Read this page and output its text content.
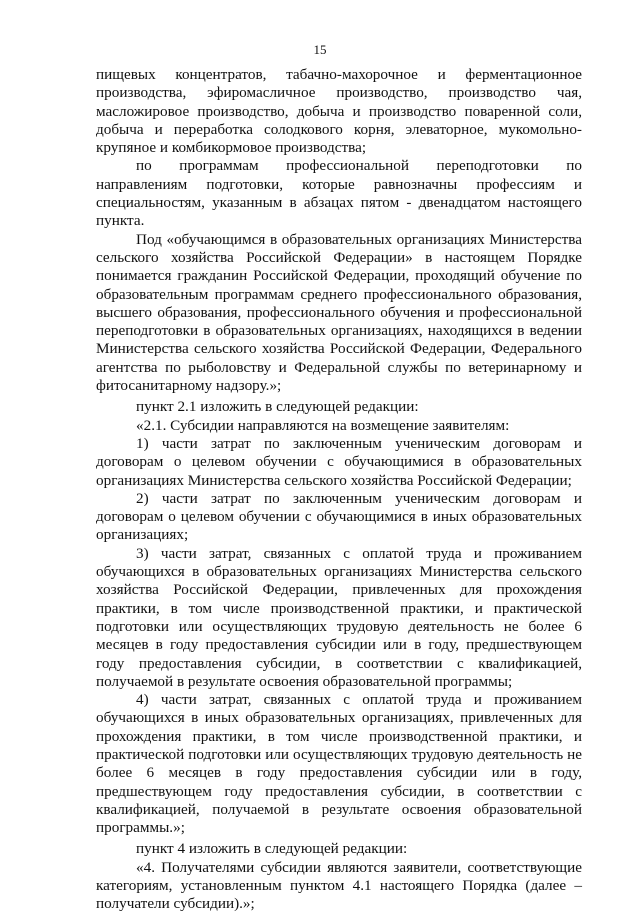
15

пищевых концентратов, табачно-махорочное и ферментационное производства, эфиромасличное производство, производство чая, масложировое производство, добыча и производство поваренной соли, добыча и переработка солодкового корня, элеваторное, мукомольно-крупяное и комбикормовое производства;

по программам профессиональной переподготовки по направлениям подготовки, которые равнозначны профессиям и специальностям, указанным в абзацах пятом - двенадцатом настоящего пункта.

Под «обучающимся в образовательных организациях Министерства сельского хозяйства Российской Федерации» в настоящем Порядке понимается гражданин Российской Федерации, проходящий обучение по образовательным программам среднего профессионального образования, высшего образования, профессионального обучения и профессиональной переподготовки в образовательных организациях, находящихся в ведении Министерства сельского хозяйства Российской Федерации, Федерального агентства по рыболовству и Федеральной службы по ветеринарному и фитосанитарному надзору.»;

пункт 2.1 изложить в следующей редакции:

«2.1. Субсидии направляются на возмещение заявителям:

1) части затрат по заключенным ученическим договорам и договорам о целевом обучении с обучающимися в образовательных организациях Министерства сельского хозяйства Российской Федерации;

2) части затрат по заключенным ученическим договорам и договорам о целевом обучении с обучающимися в иных образовательных организациях;

3) части затрат, связанных с оплатой труда и проживанием обучающихся в образовательных организациях Министерства сельского хозяйства Российской Федерации, привлеченных для прохождения практики, в том числе производственной практики, и практической подготовки или осуществляющих трудовую деятельность не более 6 месяцев в году предоставления субсидии или в году, предшествующем году предоставления субсидии, в соответствии с квалификацией, получаемой в результате освоения образовательной программы;

4) части затрат, связанных с оплатой труда и проживанием обучающихся в иных образовательных организациях, привлеченных для прохождения практики, в том числе производственной практики, и практической подготовки или осуществляющих трудовую деятельность не более 6 месяцев в году предоставления субсидии или в году, предшествующем году предоставления субсидии, в соответствии с квалификацией, получаемой в результате освоения образовательной программы.»;

пункт 4 изложить в следующей редакции:

«4. Получателями субсидии являются заявители, соответствующие категориям, установленным пунктом 4.1 настоящего Порядка (далее – получатели субсидии).»;
